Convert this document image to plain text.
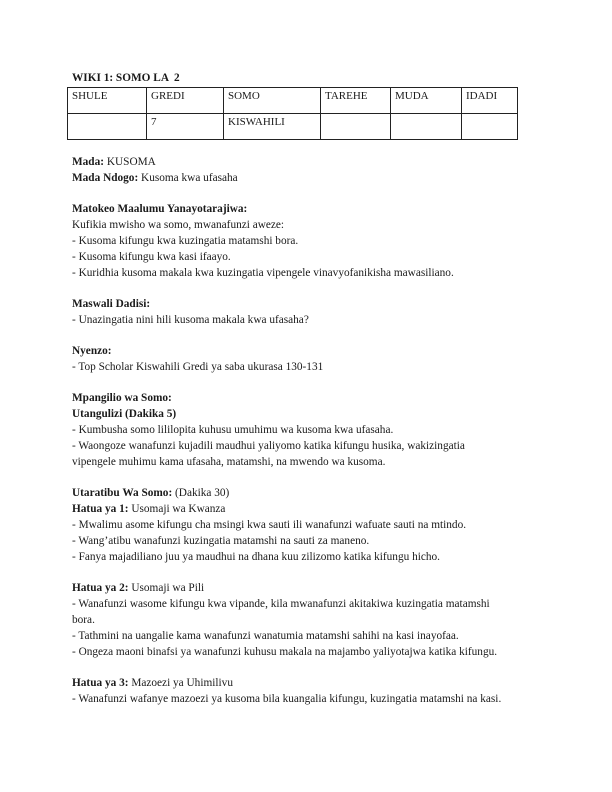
WIKI 1: SOMO LA  2
SHULE	GREDI	SOMO	TAREHE	MUDA	IDADI
	7	KISWAHILI			
Mada: KUSOMA
Mada Ndogo: Kusoma kwa ufasaha
Matokeo Maalumu Yanayotarajiwa:
Kufikia mwisho wa somo, mwanafunzi aweze:
- Kusoma kifungu kwa kuzingatia matamshi bora.
- Kusoma kifungu kwa kasi ifaayo.
- Kuridhia kusoma makala kwa kuzingatia vipengele vinavyofanikisha mawasiliano.
Maswali Dadisi:
- Unazingatia nini hili kusoma makala kwa ufasaha?
Nyenzo:
- Top Scholar Kiswahili Gredi ya saba ukurasa 130-131
Mpangilio wa Somo:
Utangulizi (Dakika 5)
- Kumbusha somo lililopita kuhusu umuhimu wa kusoma kwa ufasaha.
- Waongoze wanafunzi kujadili maudhui yaliyomo katika kifungu husika, wakizingatia
vipengele muhimu kama ufasaha, matamshi, na mwendo wa kusoma.
Utaratibu Wa Somo: (Dakika 30)
Hatua ya 1: Usomaji wa Kwanza
- Mwalimu asome kifungu cha msingi kwa sauti ili wanafunzi wafuate sauti na mtindo.
- Wang’atibu wanafunzi kuzingatia matamshi na sauti za maneno.
- Fanya majadiliano juu ya maudhui na dhana kuu zilizomo katika kifungu hicho.
Hatua ya 2: Usomaji wa Pili
- Wanafunzi wasome kifungu kwa vipande, kila mwanafunzi akitakiwa kuzingatia matamshi
bora.
- Tathmini na uangalie kama wanafunzi wanatumia matamshi sahihi na kasi inayofaa.
- Ongeza maoni binafsi ya wanafunzi kuhusu makala na majambo yaliyotajwa katika kifungu.
Hatua ya 3: Mazoezi ya Uhimilivu
- Wanafunzi wafanye mazoezi ya kusoma bila kuangalia kifungu, kuzingatia matamshi na kasi.
